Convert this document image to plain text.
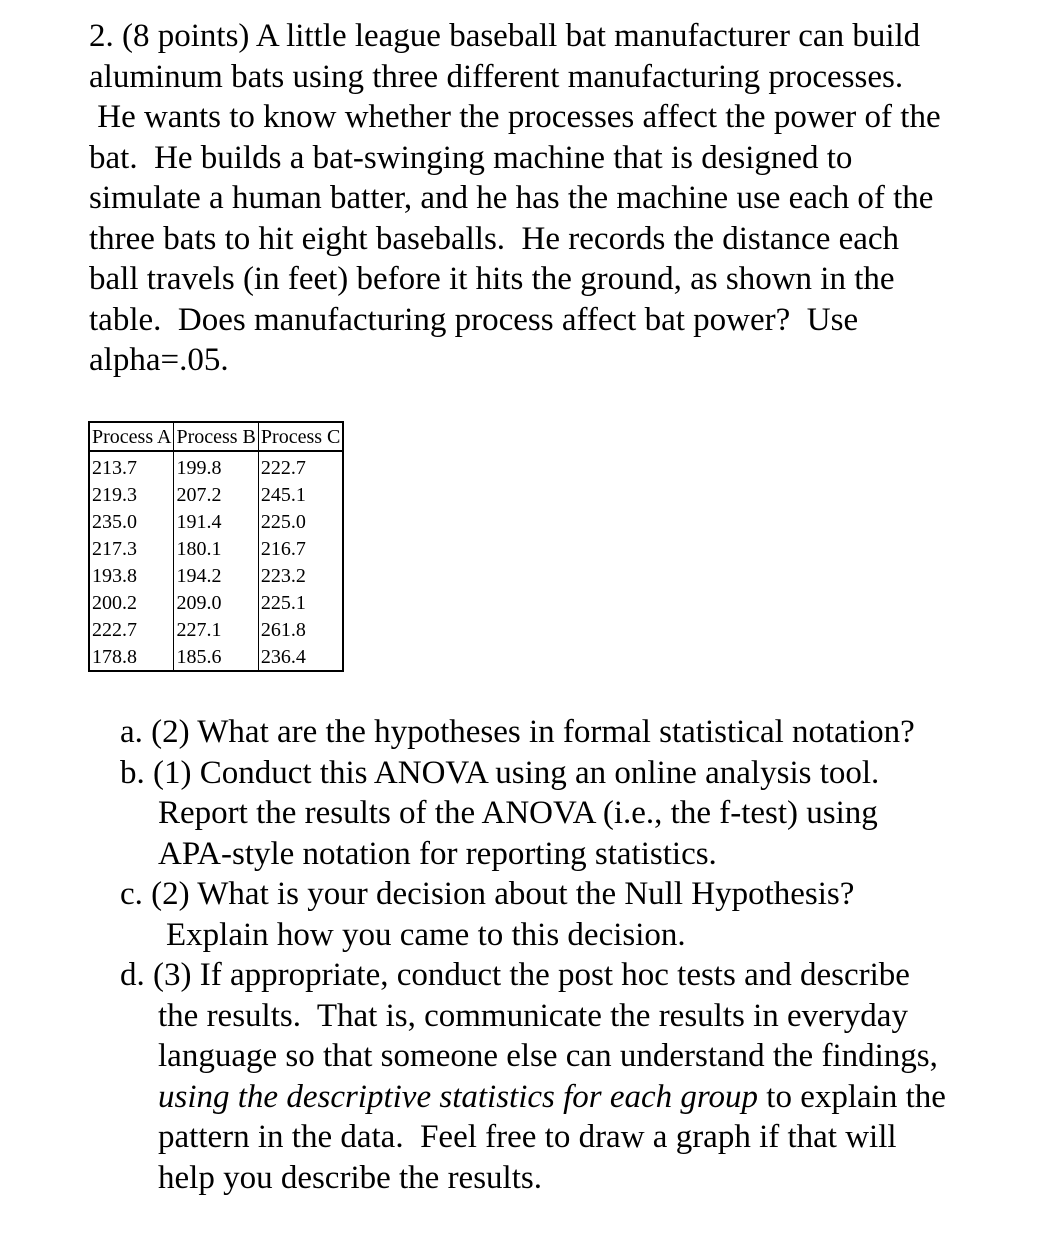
2. (8 points) A little league baseball bat manufacturer can build
aluminum bats using three different manufacturing processes.
He wants to know whether the processes affect the power of the
bat.  He builds a bat-swinging machine that is designed to
simulate a human batter, and he has the machine use each of the
three bats to hit eight baseballs.  He records the distance each
ball travels (in feet) before it hits the ground, as shown in the
table.  Does manufacturing process affect bat power?  Use
alpha=.05.
Process A	Process B	Process C
213.7	199.8	222.7
219.3	207.2	245.1
235.0	191.4	225.0
217.3	180.1	216.7
193.8	194.2	223.2
200.2	209.0	225.1
222.7	227.1	261.8
178.8	185.6	236.4
a. (2) What are the hypotheses in formal statistical notation?
b. (1) Conduct this ANOVA using an online analysis tool.
Report the results of the ANOVA (i.e., the f-test) using
APA-style notation for reporting statistics.
c. (2) What is your decision about the Null Hypothesis?
Explain how you came to this decision.
d. (3) If appropriate, conduct the post hoc tests and describe
the results.  That is, communicate the results in everyday
language so that someone else can understand the findings,
using the descriptive statistics for each group to explain the
pattern in the data.  Feel free to draw a graph if that will
help you describe the results.
